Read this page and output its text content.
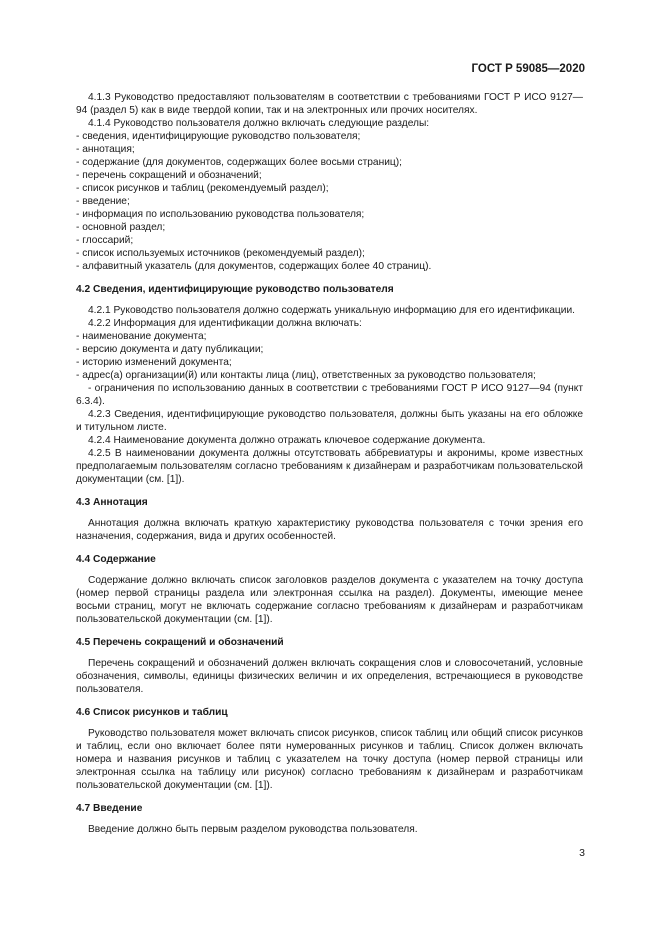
ГОСТ Р 59085—2020

4.1.3 Руководство предоставляют пользователям в соответствии с требованиями ГОСТ Р ИСО 9127—94 (раздел 5) как в виде твердой копии, так и на электронных или прочих носителях.

4.1.4 Руководство пользователя должно включать следующие разделы:

- сведения, идентифицирующие руководство пользователя;

- аннотация;

- содержание (для документов, содержащих более восьми страниц);

- перечень сокращений и обозначений;

- список рисунков и таблиц (рекомендуемый раздел);

- введение;

- информация по использованию руководства пользователя;

- основной раздел;

- глоссарий;

- список используемых источников (рекомендуемый раздел);

- алфавитный указатель (для документов, содержащих более 40 страниц).

4.2 Сведения, идентифицирующие руководство пользователя

4.2.1 Руководство пользователя должно содержать уникальную информацию для его идентификации.

4.2.2 Информация для идентификации должна включать:

- наименование документа;

- версию документа и дату публикации;

- историю изменений документа;

- адрес(а) организации(й) или контакты лица (лиц), ответственных за руководство пользователя;

- ограничения по использованию данных в соответствии с требованиями ГОСТ Р ИСО 9127—94 (пункт 6.3.4).

4.2.3 Сведения, идентифицирующие руководство пользователя, должны быть указаны на его обложке и титульном листе.

4.2.4 Наименование документа должно отражать ключевое содержание документа.

4.2.5 В наименовании документа должны отсутствовать аббревиатуры и акронимы, кроме известных предполагаемым пользователям согласно требованиям к дизайнерам и разработчикам пользовательской документации (см. [1]).

4.3 Аннотация

Аннотация должна включать краткую характеристику руководства пользователя с точки зрения его назначения, содержания, вида и других особенностей.

4.4 Содержание

Содержание должно включать список заголовков разделов документа с указателем на точку доступа (номер первой страницы раздела или электронная ссылка на раздел). Документы, имеющие менее восьми страниц, могут не включать содержание согласно требованиям к дизайнерам и разработчикам пользовательской документации (см. [1]).

4.5 Перечень сокращений и обозначений

Перечень сокращений и обозначений должен включать сокращения слов и словосочетаний, условные обозначения, символы, единицы физических величин и их определения, встречающиеся в руководстве пользователя.

4.6 Список рисунков и таблиц

Руководство пользователя может включать список рисунков, список таблиц или общий список рисунков и таблиц, если оно включает более пяти нумерованных рисунков и таблиц. Список должен включать номера и названия рисунков и таблиц с указателем на точку доступа (номер первой страницы или электронная ссылка на таблицу или рисунок) согласно требованиям к дизайнерам и разработчикам пользовательской документации (см. [1]).

4.7 Введение

Введение должно быть первым разделом руководства пользователя.

3
